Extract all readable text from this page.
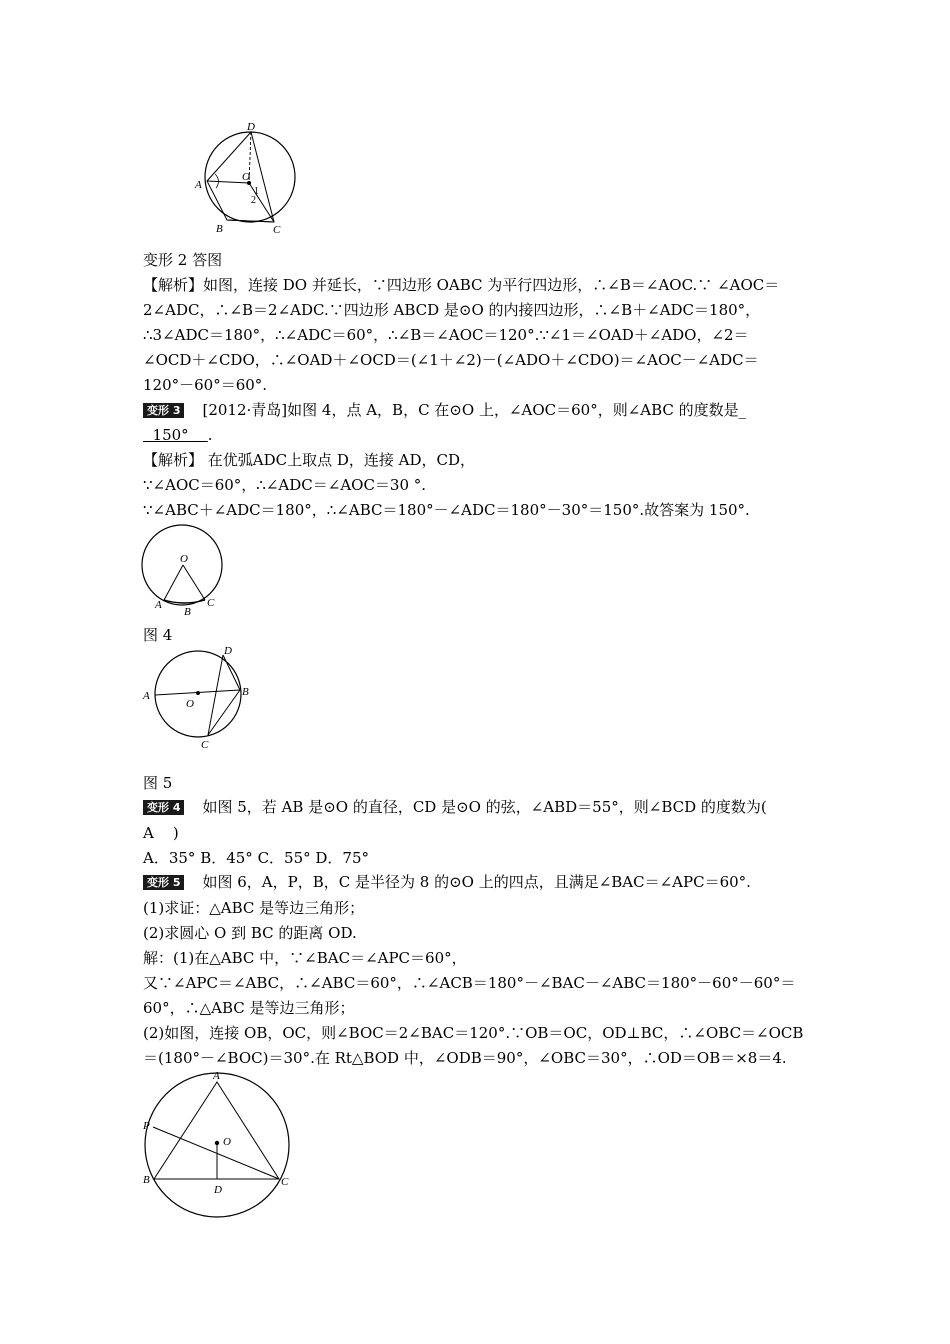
D
A
O
1
2
B	C
变形 2 答图
【解析】如图，连接 DO 并延长，∵四边形 OABC 为平行四边形，∴∠B＝∠AOC.∵ ∠AOC＝
2∠ADC，∴∠B＝2∠ADC.∵四边形 ABCD 是⊙O 的内接四边形，∴∠B＋∠ADC＝180°，
∴3∠ADC＝180°，∴∠ADC＝60°，∴∠B＝∠AOC＝120°.∵∠1＝∠OAD＋∠ADO，∠2＝
∠OCD＋∠CDO，∴∠OAD＋∠OCD＝(∠1＋∠2)－(∠ADO＋∠CDO)＝∠AOC－∠ADC＝
120°－60°＝60°.
变形 3 [2012·青岛]如图 4，点 A，B，C 在⊙O 上，∠AOC＝60°，则∠ABC 的度数是_
150° .
【解析】 在优弧ADC上取点 D，连接 AD，CD，
∵∠AOC＝60°，∴∠ADC＝∠AOC＝30 °.
∵∠ABC＋∠ADC＝180°，∴∠ABC＝180°－∠ADC＝180°－30°＝150°.故答案为 150°.
O
A
B
C
图 4
D
A
O
B
C
图 5
变形 4 如图 5，若 AB 是⊙O 的直径，CD 是⊙O 的弦，∠ABD＝55°，则∠BCD 的度数为(
A )
A．35° B．45° C．55° D．75°
变形 5 如图 6，A，P，B，C 是半径为 8 的⊙O 上的四点，且满足∠BAC＝∠APC＝60°.
(1)求证：△ABC 是等边三角形；
(2)求圆心 O 到 BC 的距离 OD.
解：(1)在△ABC 中，∵∠BAC＝∠APC＝60°，
又∵∠APC＝∠ABC，∴∠ABC＝60°，∴∠ACB＝180°－∠BAC－∠ABC＝180°－60°－60°＝
60°，∴△ABC 是等边三角形；
(2)如图，连接 OB，OC，则∠BOC＝2∠BAC＝120°.∵OB＝OC，OD⊥BC，∴∠OBC＝∠OCB
＝(180°－∠BOC)＝30°.在 Rt△BOD 中，∠ODB＝90°，∠OBC＝30°，∴OD＝OB＝×8＝4.
A
P
O
B
D
C
